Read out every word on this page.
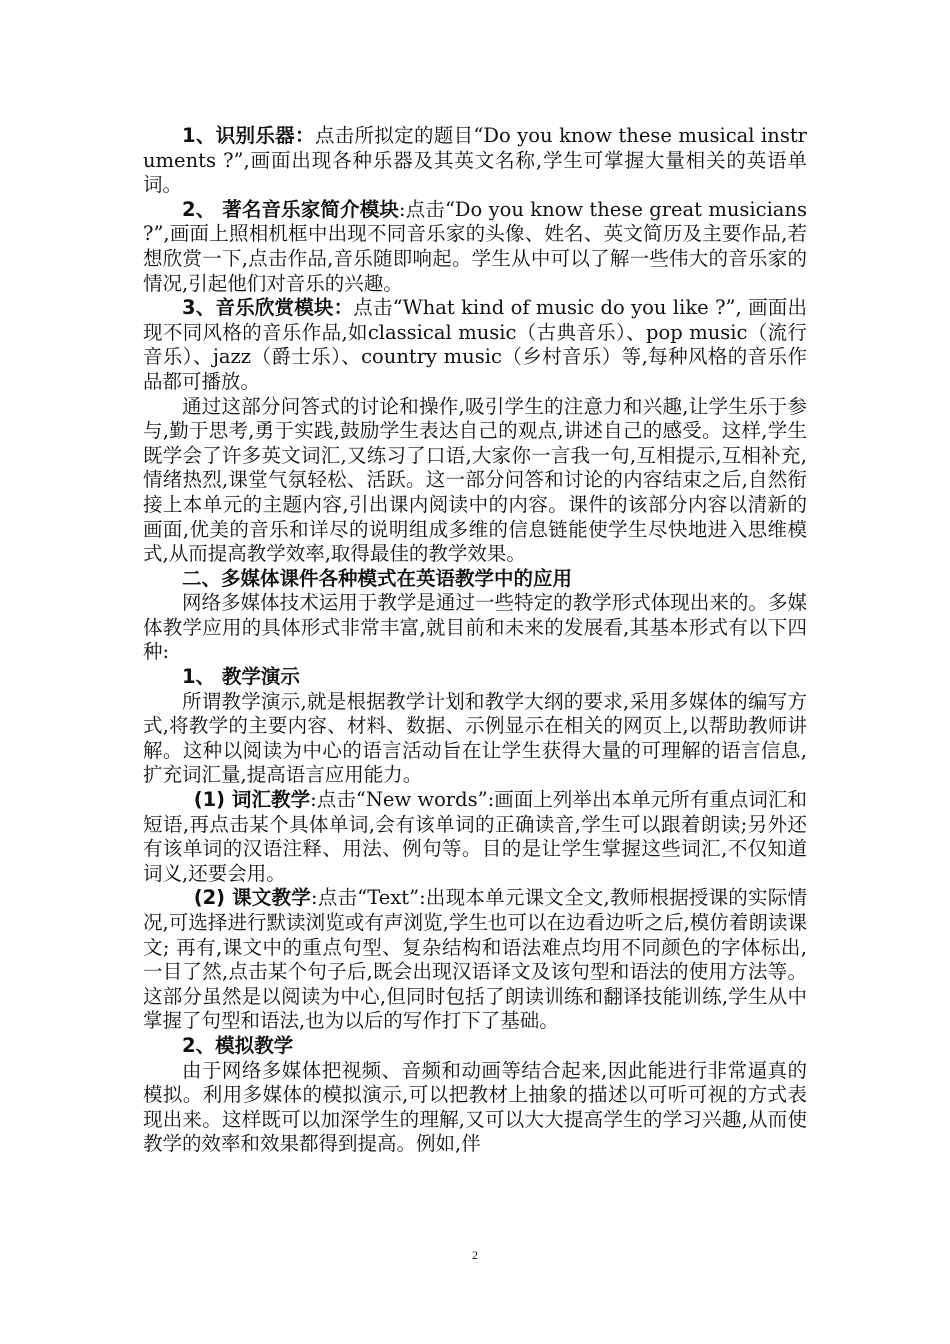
1、识别乐器：点击所拟定的题目“Do you know these musical instruments ?”,画面出现各种乐器及其英文名称,学生可掌握大量相关的英语单词。

2、 著名音乐家简介模块:点击“Do you know these great musicians ?”,画面上照相机框中出现不同音乐家的头像、姓名、英文简历及主要作品,若想欣赏一下,点击作品,音乐随即响起。学生从中可以了解一些伟大的音乐家的情况,引起他们对音乐的兴趣。

3、音乐欣赏模块：点击“What kind of music do you like ?”, 画面出现不同风格的音乐作品,如classical music（古典音乐）、pop music（流行音乐）、jazz（爵士乐）、country music（乡村音乐）等,每种风格的音乐作品都可播放。

通过这部分问答式的讨论和操作,吸引学生的注意力和兴趣,让学生乐于参与,勤于思考,勇于实践,鼓励学生表达自己的观点,讲述自己的感受。这样,学生既学会了许多英文词汇,又练习了口语,大家你一言我一句,互相提示,互相补充,情绪热烈,课堂气氛轻松、活跃。这一部分问答和讨论的内容结束之后,自然衔接上本单元的主题内容,引出课内阅读中的内容。课件的该部分内容以清新的画面,优美的音乐和详尽的说明组成多维的信息链能使学生尽快地进入思维模式,从而提高教学效率,取得最佳的教学效果。

二、多媒体课件各种模式在英语教学中的应用

网络多媒体技术运用于教学是通过一些特定的教学形式体现出来的。多媒体教学应用的具体形式非常丰富,就目前和未来的发展看,其基本形式有以下四种:

1、 教学演示

所谓教学演示,就是根据教学计划和教学大纲的要求,采用多媒体的编写方式,将教学的主要内容、材料、数据、示例显示在相关的网页上,以帮助教师讲解。这种以阅读为中心的语言活动旨在让学生获得大量的可理解的语言信息,扩充词汇量,提高语言应用能力。

(1) 词汇教学:点击“New words”:画面上列举出本单元所有重点词汇和短语,再点击某个具体单词,会有该单词的正确读音,学生可以跟着朗读;另外还有该单词的汉语注释、用法、例句等。目的是让学生掌握这些词汇,不仅知道词义,还要会用。

(2) 课文教学:点击“Text”:出现本单元课文全文,教师根据授课的实际情况,可选择进行默读浏览或有声浏览,学生也可以在边看边听之后,模仿着朗读课文; 再有,课文中的重点句型、复杂结构和语法难点均用不同颜色的字体标出,一目了然,点击某个句子后,既会出现汉语译文及该句型和语法的使用方法等。这部分虽然是以阅读为中心,但同时包括了朗读训练和翻译技能训练,学生从中掌握了句型和语法,也为以后的写作打下了基础。

2、模拟教学

由于网络多媒体把视频、音频和动画等结合起来,因此能进行非常逼真的模拟。利用多媒体的模拟演示,可以把教材上抽象的描述以可听可视的方式表现出来。这样既可以加深学生的理解,又可以大大提高学生的学习兴趣,从而使教学的效率和效果都得到提高。例如,伴

2
